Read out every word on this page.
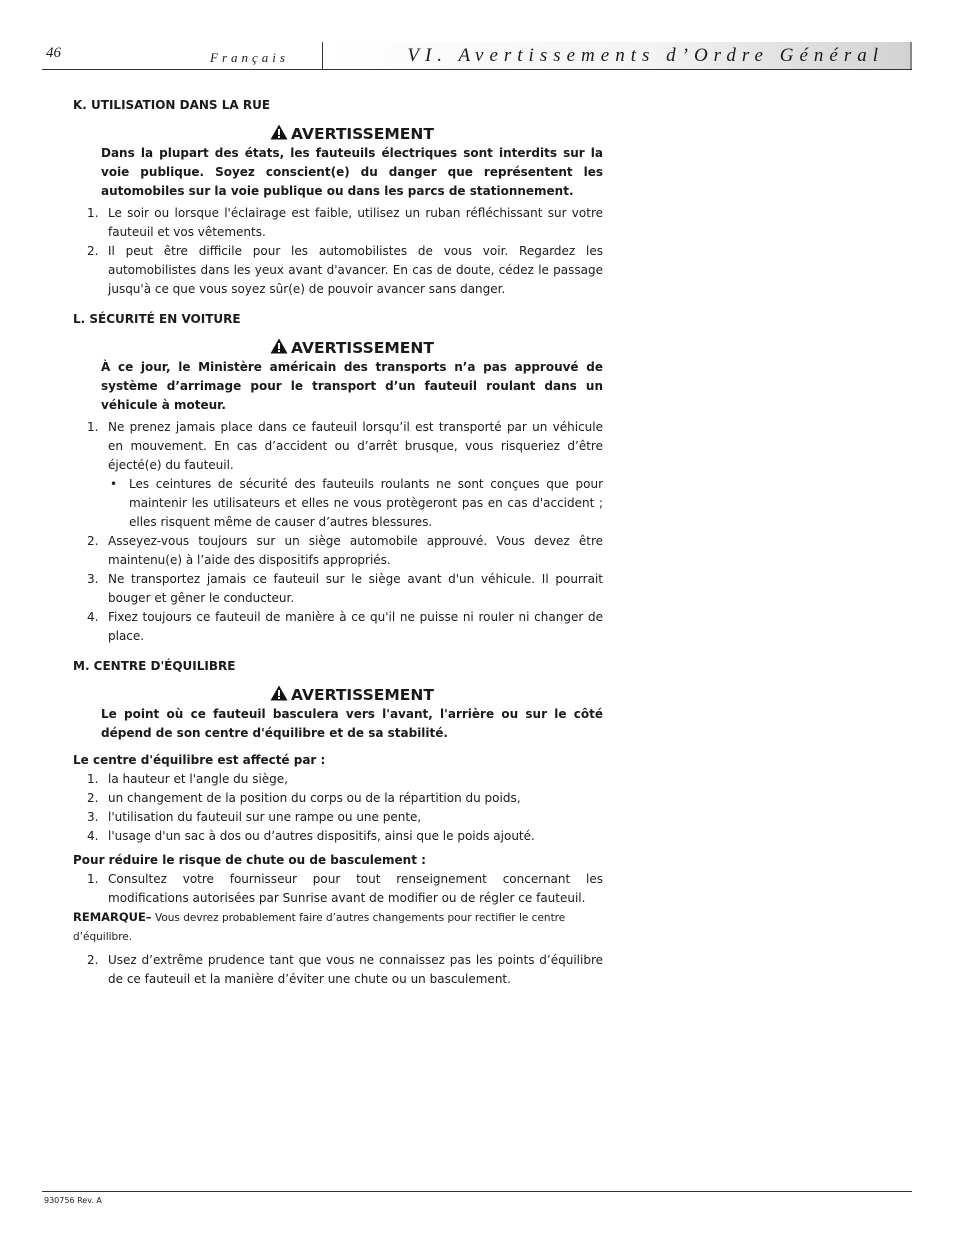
46	Français	VI. Avertissements d’Ordre Général

K. UTILISATION DANS LA RUE

AVERTISSEMENT

Dans la plupart des états, les fauteuils électriques sont interdits sur la voie publique. Soyez conscient(e) du danger que représentent les automobiles sur la voie publique ou dans les parcs de stationnement.

1. Le soir ou lorsque l'éclairage est faible, utilisez un ruban réfléchissant sur votre fauteuil et vos vêtements.
2. Il peut être difficile pour les automobilistes de vous voir. Regardez les automobilistes dans les yeux avant d'avancer. En cas de doute, cédez le passage jusqu'à ce que vous soyez sûr(e) de pouvoir avancer sans danger.

L. SÉCURITÉ EN VOITURE

AVERTISSEMENT

À ce jour, le Ministère américain des transports n’a pas approuvé de système d’arrimage pour le transport d’un fauteuil roulant dans un véhicule à moteur.

1. Ne prenez jamais place dans ce fauteuil lorsqu’il est transporté par un véhicule en mouvement. En cas d’accident ou d’arrêt brusque, vous risqueriez d’être éjecté(e) du fauteuil.
• Les ceintures de sécurité des fauteuils roulants ne sont conçues que pour maintenir les utilisateurs et elles ne vous protègeront pas en cas d'accident ; elles risquent même de causer d’autres blessures.
2. Asseyez-vous toujours sur un siège automobile approuvé. Vous devez être maintenu(e) à l’aide des dispositifs appropriés.
3. Ne transportez jamais ce fauteuil sur le siège avant d'un véhicule. Il pourrait bouger et gêner le conducteur.
4. Fixez toujours ce fauteuil de manière à ce qu'il ne puisse ni rouler ni changer de place.

M. CENTRE D'ÉQUILIBRE

AVERTISSEMENT

Le point où ce fauteuil basculera vers l'avant, l'arrière ou sur le côté dépend de son centre d'équilibre et de sa stabilité.

Le centre d'équilibre est affecté par :

1. la hauteur et l'angle du siège,
2. un changement de la position du corps ou de la répartition du poids,
3. l'utilisation du fauteuil sur une rampe ou une pente,
4. l'usage d'un sac à dos ou d’autres dispositifs, ainsi que le poids ajouté.

Pour réduire le risque de chute ou de basculement :

1. Consultez votre fournisseur pour tout renseignement concernant les modifications autorisées par Sunrise avant de modifier ou de régler ce fauteuil.

REMARQUE– Vous devrez probablement faire d’autres changements pour rectifier le centre d’équilibre.

2. Usez d’extrême prudence tant que vous ne connaissez pas les points d’équilibre de ce fauteuil et la manière d’éviter une chute ou un basculement.
930756 Rev. A
